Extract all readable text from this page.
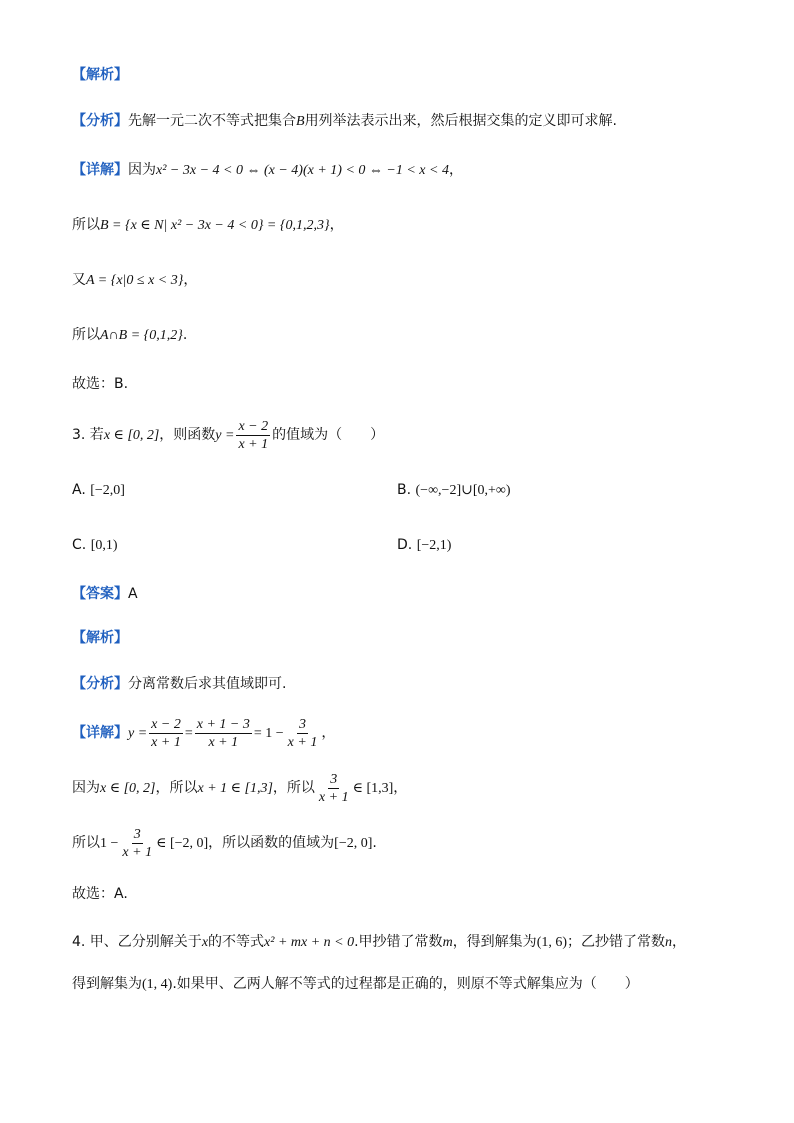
【解析】
【分析】先解一元二次不等式把集合B用列举法表示出来，然后根据交集的定义即可求解.
【详解】因为x² − 3x − 4 < 0 ⇔ (x − 4)(x + 1) < 0 ⇔ −1 < x < 4，
所以B = {x ∈ N| x² − 3x − 4 < 0} = {0,1,2,3}，
又A = {x|0 ≤ x < 3}，
所以A∩B = {0,1,2}.
故选：B.
3. 若x ∈ [0, 2]，则函数$y = \frac{x - 2}{x + 1}$ 的值域为（　　）
A. [−2,0]	B. (−∞,−2]∪[0,+∞)
C. [0,1)	D. [−2,1)
【答案】A
【解析】
【分析】分离常数后求其值域即可.
【详解】$y = \frac{x - 2}{x + 1} = \frac{x + 1 - 3}{x + 1} = 1 - \frac{3}{x + 1}$ ，
因为x ∈ [0, 2]，所以x + 1 ∈ [1,3]，所以 $\frac{3}{x + 1}$ ∈ [1,3]，
所以$1 - \frac{3}{x + 1}$ ∈ [−2, 0]，所以函数的值域为[−2, 0].
故选：A.
4. 甲、乙分别解关于x的不等式x² + mx + n < 0.甲抄错了常数m，得到解集为(1, 6)；乙抄错了常数n，
得到解集为(1, 4).如果甲、乙两人解不等式的过程都是正确的，则原不等式解集应为（　　）
